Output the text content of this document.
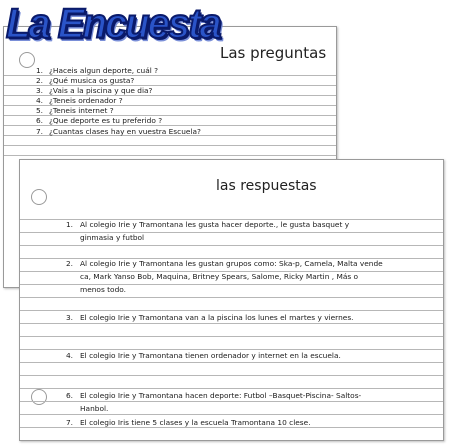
La Encuesta
Las preguntas
1. ¿Haceis algun deporte, cuál ?
2. ¿Qué musica os gusta?
3. ¿Vais a la piscina y que dia?
4. ¿Teneis ordenador ?
5. ¿Teneis internet ?
6. ¿Que deporte es tu preferido ?
7. ¿Cuantas clases hay en vuestra Escuela?
las respuestas
1. Al colegio Irie y Tramontana les gusta hacer deporte., le gusta basquet y ginmasia y futbol
2. Al colegio Irie y Tramontana les gustan grupos como: Ska-p, Camela, Malta vende ca, Mark Yanso Bob, Maquina, Britney Spears, Salome, Ricky Martin , Más o menos todo.
3. El colegio Irie y Tramontana van a la piscina los lunes el martes y viernes.
4. El colegio Irie y Tramontana tienen ordenador y internet en la escuela.
6. El colegio Irie y Tramontana hacen deporte: Futbol –Basquet-Piscina- Saltos- Hanbol.
7. El colegio Iris tiene 5 clases y la escuela Tramontana 10 clese.
